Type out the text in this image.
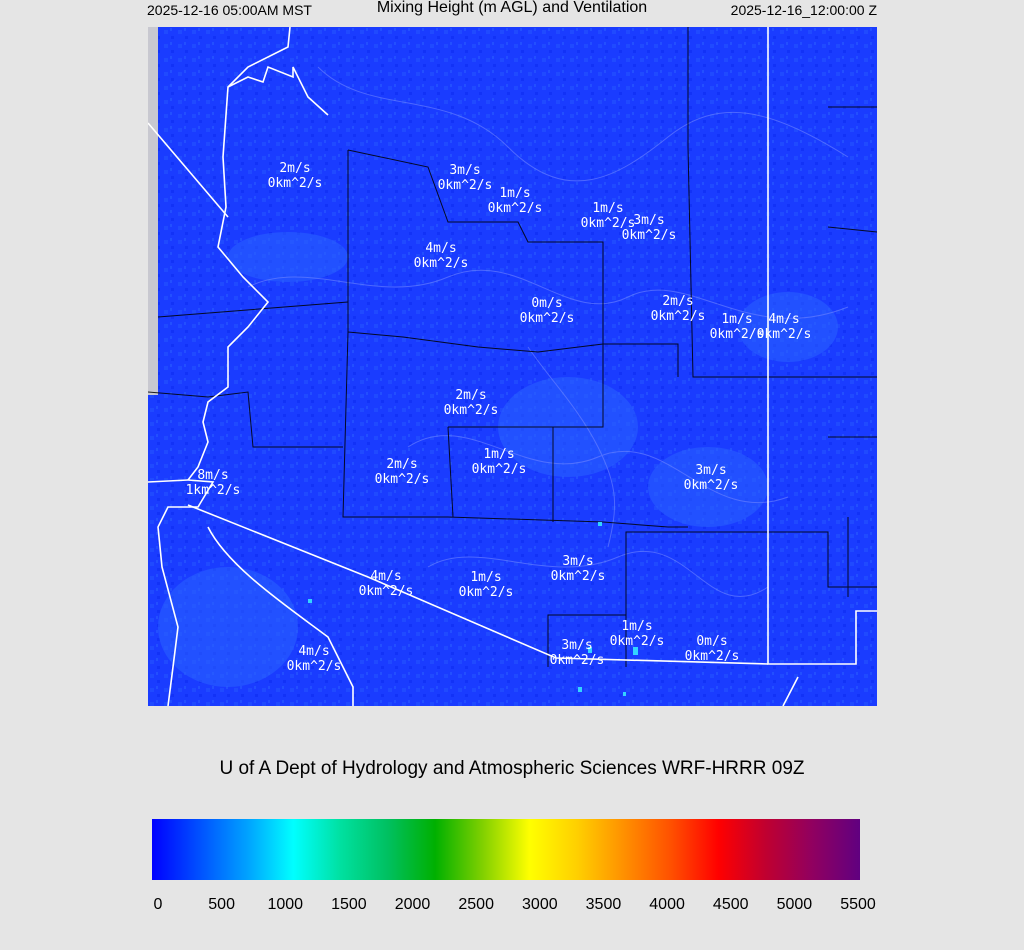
2025-12-16 05:00AM MST	Mixing Height (m AGL) and Ventilation	2025-12-16_12:00:00 Z
2m/s
0km^2/s
3m/s
0km^2/s
1m/s
0km^2/s	1m/s
0km^2/s
3m/s
0km^2/s
4m/s
0km^2/s
0m/s
0km^2/s
2m/s
0km^2/s 1m/s
0km^2/s
4m/s
0km^2/s
2m/s
0km^2/s
2m/s
0km^2/s
1m/s
0km^2/s	3m/s
0km^2/s
8m/s
1km^2/s
4m/s
0km^2/s
1m/s
0km^2/s
3m/s
0km^2/s
1m/s
0km^2/s
3m/s
0km^2/s
0m/s
0km^2/s
4m/s
0km^2/s
U of A Dept of Hydrology and Atmospheric Sciences WRF-HRRR 09Z
0	500	1000	1500	2000	2500	3000	3500	4000	4500	5000	5500
